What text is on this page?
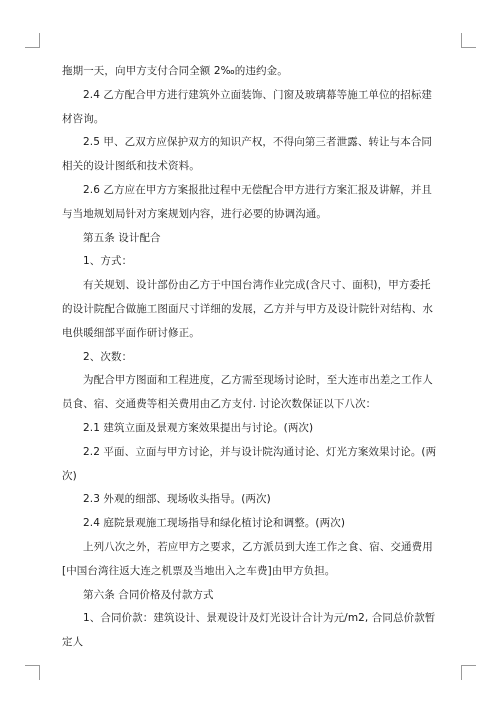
拖期一天，向甲方支付合同全额 2‰的违约金。

2.4 乙方配合甲方进行建筑外立面装饰、门窗及玻璃幕等施工单位的招标建材咨询。

2.5 甲、乙双方应保护双方的知识产权，不得向第三者泄露、转让与本合同相关的设计图纸和技术资料。

2.6 乙方应在甲方方案报批过程中无偿配合甲方进行方案汇报及讲解，并且与当地规划局针对方案规划内容，进行必要的协调沟通。

第五条 设计配合

1、方式：

有关规划、设计部份由乙方于中国台湾作业完成(含尺寸、面积)，甲方委托的设计院配合做施工图面尺寸详细的发展，乙方并与甲方及设计院针对结构、水电供暖细部平面作研讨修正。

2、次数：

为配合甲方图面和工程进度，乙方需至现场讨论时，至大连市出差之工作人员食、宿、交通费等相关费用由乙方支付. 讨论次数保证以下八次：

2.1 建筑立面及景观方案效果提出与讨论。(两次)

2.2 平面、立面与甲方讨论，并与设计院沟通讨论、灯光方案效果讨论。(两次)

2.3 外观的细部、现场收头指导。(两次)

2.4 庭院景观施工现场指导和绿化植讨论和调整。(两次)

上列八次之外，若应甲方之要求，乙方派员到大连工作之食、宿、交通费用[中国台湾往返大连之机票及当地出入之车费]由甲方负担。

第六条 合同价格及付款方式

1、合同价款：建筑设计、景观设计及灯光设计合计为元/m2, 合同总价款暂定人
